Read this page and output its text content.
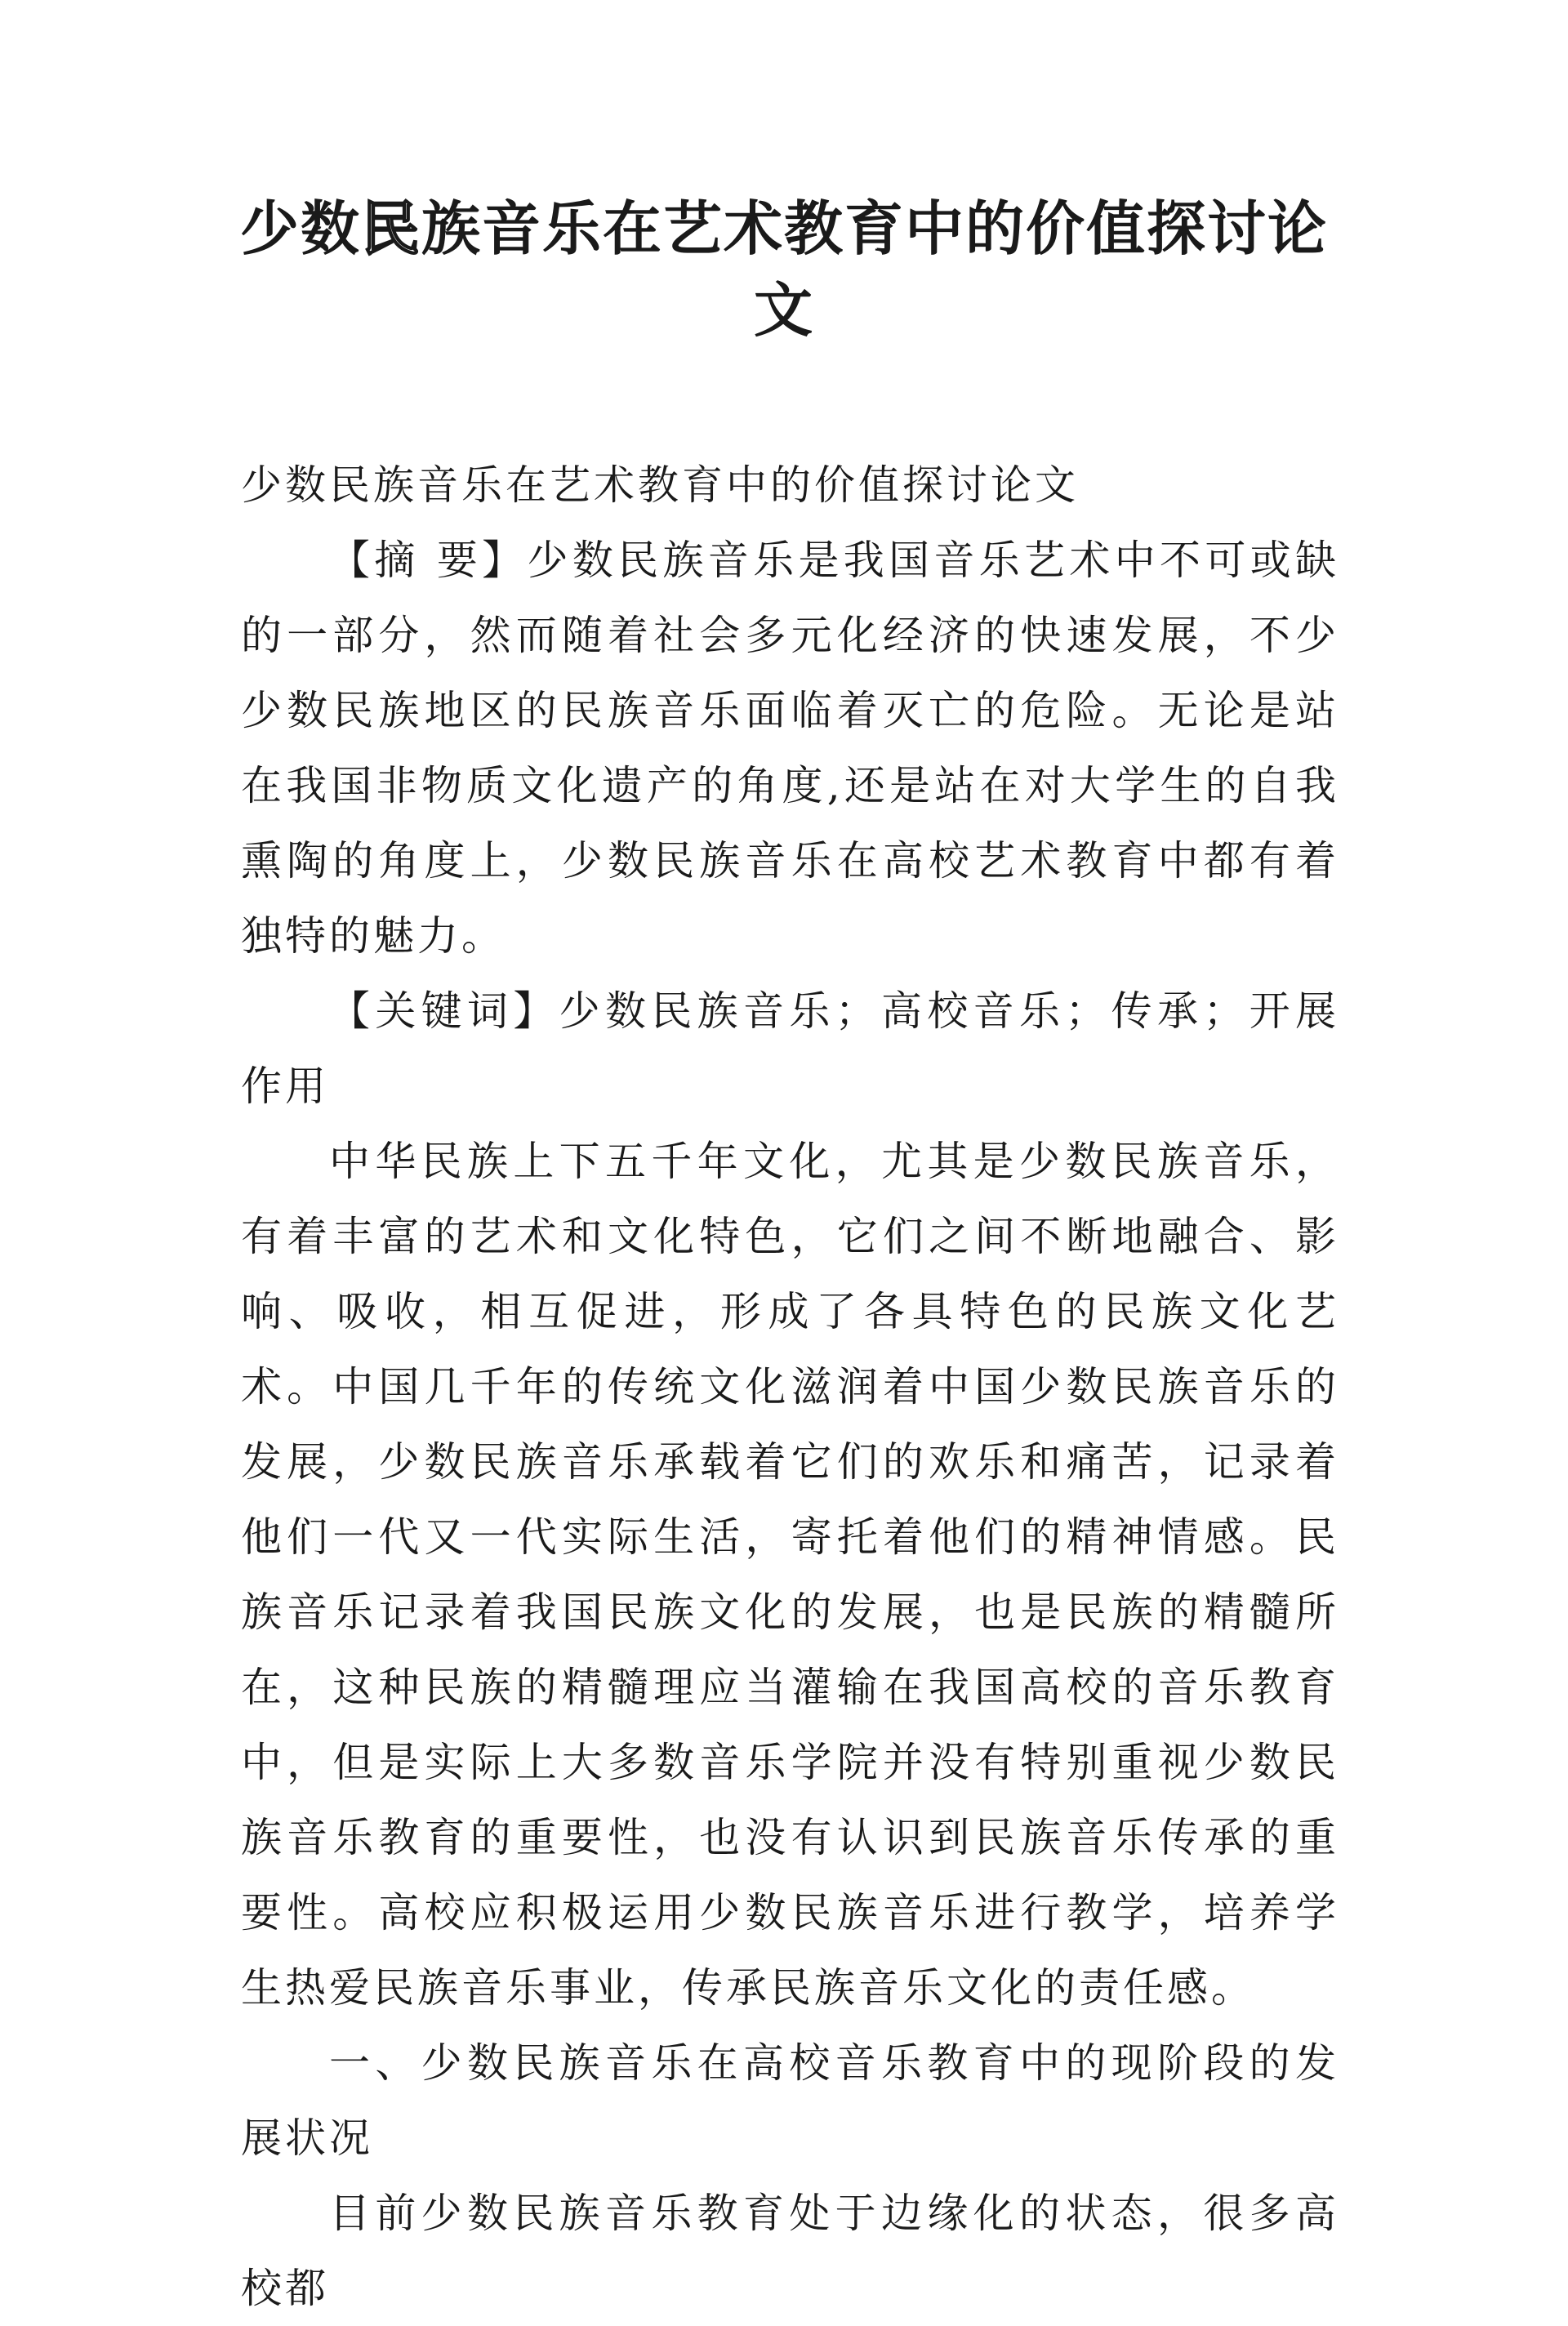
少数民族音乐在艺术教育中的价值探讨论文

少数民族音乐在艺术教育中的价值探讨论文

【摘 要】少数民族音乐是我国音乐艺术中不可或缺的一部分，然而随着社会多元化经济的快速发展，不少少数民族地区的民族音乐面临着灭亡的危险。无论是站在我国非物质文化遗产的角度,还是站在对大学生的自我熏陶的角度上，少数民族音乐在高校艺术教育中都有着独特的魅力。

【关键词】少数民族音乐；高校音乐；传承；开展作用

中华民族上下五千年文化，尤其是少数民族音乐，有着丰富的艺术和文化特色，它们之间不断地融合、影响、吸收，相互促进，形成了各具特色的民族文化艺术。中国几千年的传统文化滋润着中国少数民族音乐的发展，少数民族音乐承载着它们的欢乐和痛苦，记录着他们一代又一代实际生活，寄托着他们的精神情感。民族音乐记录着我国民族文化的发展，也是民族的精髓所在，这种民族的精髓理应当灌输在我国高校的音乐教育中，但是实际上大多数音乐学院并没有特别重视少数民族音乐教育的重要性，也没有认识到民族音乐传承的重要性。高校应积极运用少数民族音乐进行教学，培养学生热爱民族音乐事业，传承民族音乐文化的责任感。

一、少数民族音乐在高校音乐教育中的现阶段的发展状况

目前少数民族音乐教育处于边缘化的状态，很多高校都
